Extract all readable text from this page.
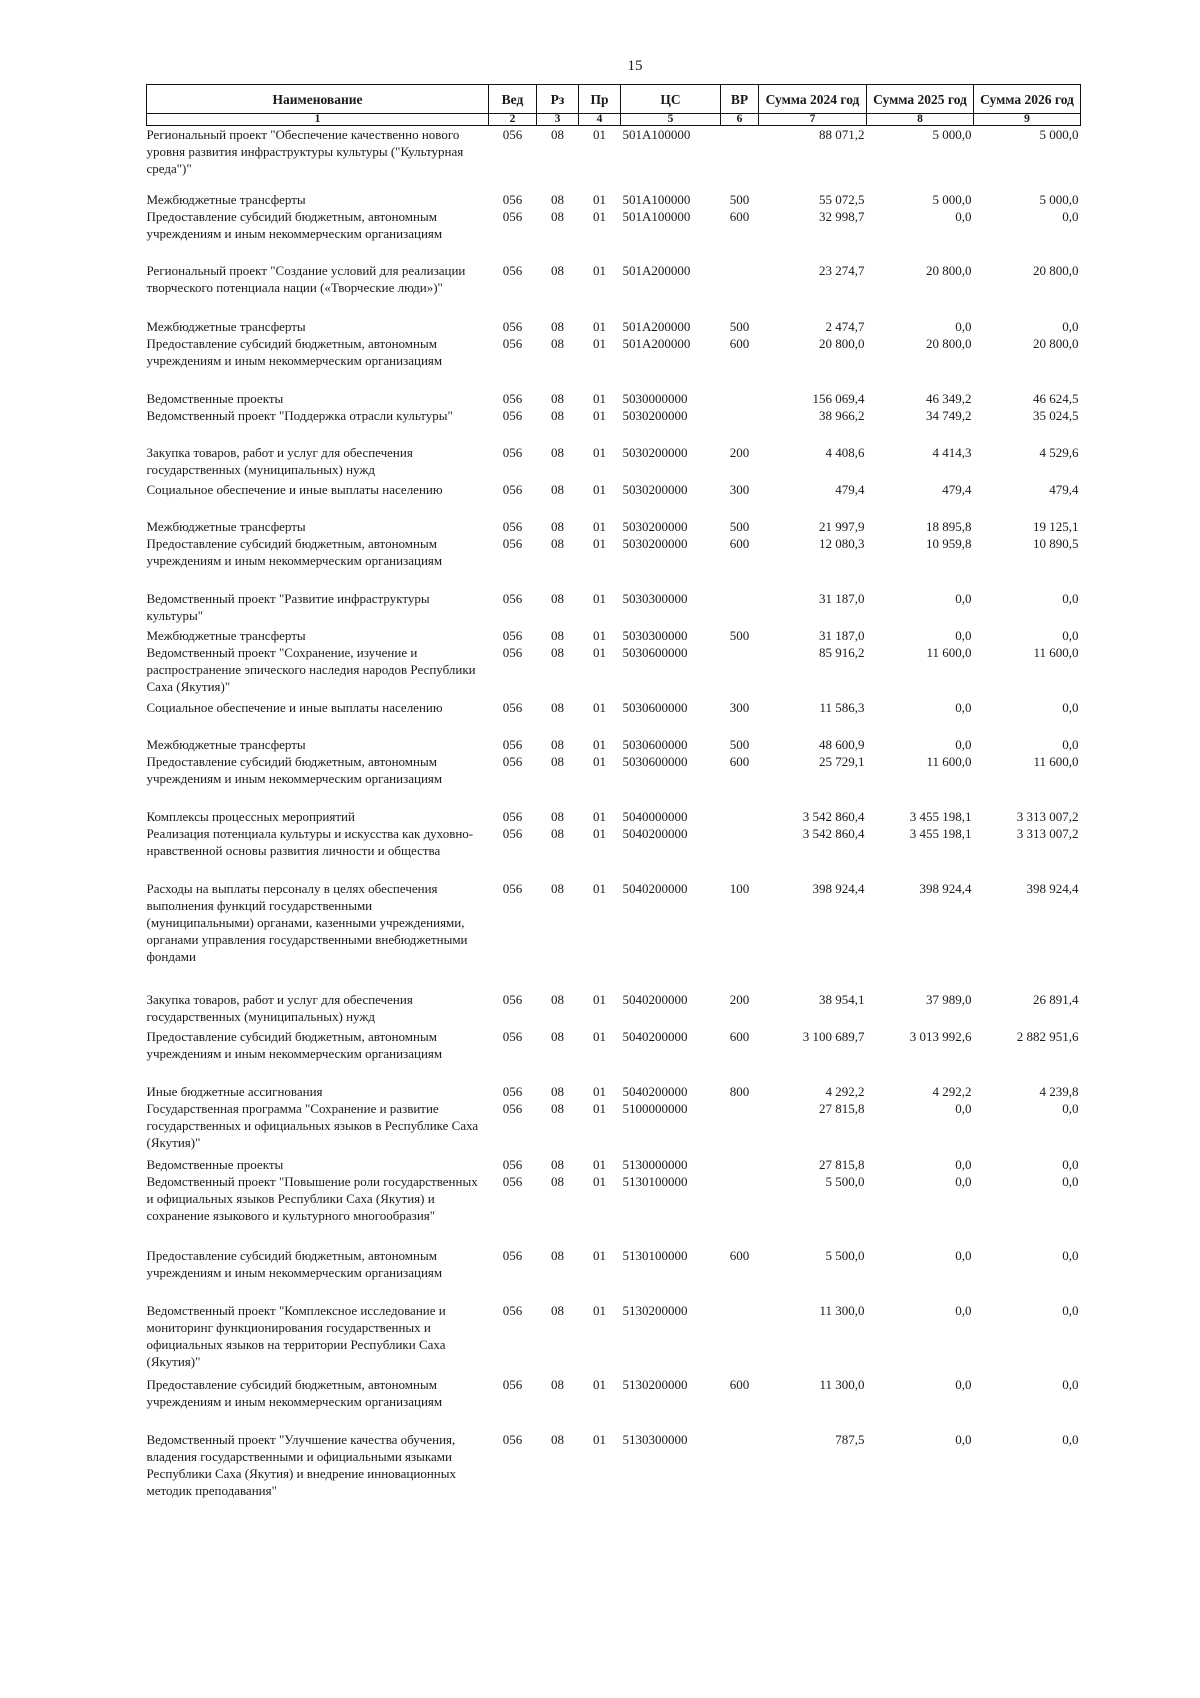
15
Наименование	Вед	Рз	Пр	ЦС	ВР	Сумма 2024 год	Сумма 2025 год	Сумма 2026 год
1	2	3	4	5	6	7	8	9
Региональный проект "Обеспечение качественно нового уровня развития инфраструктуры культуры ("Культурная среда")"	056	08	01	501А100000		88 071,2	5 000,0	5 000,0
Межбюджетные трансферты	056	08	01	501А100000	500	55 072,5	5 000,0	5 000,0
Предоставление субсидий бюджетным, автономным учреждениям и иным некоммерческим организациям	056	08	01	501А100000	600	32 998,7	0,0	0,0
Региональный проект "Создание условий для реализации творческого потенциала нации («Творческие люди»)"	056	08	01	501А200000		23 274,7	20 800,0	20 800,0
Межбюджетные трансферты	056	08	01	501А200000	500	2 474,7	0,0	0,0
Предоставление субсидий бюджетным, автономным учреждениям и иным некоммерческим организациям	056	08	01	501А200000	600	20 800,0	20 800,0	20 800,0
Ведомственные проекты	056	08	01	5030000000		156 069,4	46 349,2	46 624,5
Ведомственный проект "Поддержка отрасли культуры"	056	08	01	5030200000		38 966,2	34 749,2	35 024,5
Закупка товаров, работ и услуг для обеспечения государственных (муниципальных) нужд	056	08	01	5030200000	200	4 408,6	4 414,3	4 529,6
Социальное обеспечение и иные выплаты населению	056	08	01	5030200000	300	479,4	479,4	479,4
Межбюджетные трансферты	056	08	01	5030200000	500	21 997,9	18 895,8	19 125,1
Предоставление субсидий бюджетным, автономным учреждениям и иным некоммерческим организациям	056	08	01	5030200000	600	12 080,3	10 959,8	10 890,5
Ведомственный проект "Развитие инфраструктуры культуры"	056	08	01	5030300000		31 187,0	0,0	0,0
Межбюджетные трансферты	056	08	01	5030300000	500	31 187,0	0,0	0,0
Ведомственный проект "Сохранение, изучение и распространение эпического наследия народов Республики Саха (Якутия)"	056	08	01	5030600000		85 916,2	11 600,0	11 600,0
Социальное обеспечение и иные выплаты населению	056	08	01	5030600000	300	11 586,3	0,0	0,0
Межбюджетные трансферты	056	08	01	5030600000	500	48 600,9	0,0	0,0
Предоставление субсидий бюджетным, автономным учреждениям и иным некоммерческим организациям	056	08	01	5030600000	600	25 729,1	11 600,0	11 600,0
Комплексы процессных мероприятий	056	08	01	5040000000		3 542 860,4	3 455 198,1	3 313 007,2
Реализация потенциала культуры и искусства как духовно-нравственной основы развития личности и общества	056	08	01	5040200000		3 542 860,4	3 455 198,1	3 313 007,2
Расходы на выплаты персоналу в целях обеспечения выполнения функций государственными (муниципальными) органами, казенными учреждениями, органами управления государственными внебюджетными фондами	056	08	01	5040200000	100	398 924,4	398 924,4	398 924,4
Закупка товаров, работ и услуг для обеспечения государственных (муниципальных) нужд	056	08	01	5040200000	200	38 954,1	37 989,0	26 891,4
Предоставление субсидий бюджетным, автономным учреждениям и иным некоммерческим организациям	056	08	01	5040200000	600	3 100 689,7	3 013 992,6	2 882 951,6
Иные бюджетные ассигнования	056	08	01	5040200000	800	4 292,2	4 292,2	4 239,8
Государственная программа "Сохранение и развитие государственных и официальных языков в Республике Саха (Якутия)"	056	08	01	5100000000		27 815,8	0,0	0,0
Ведомственные проекты	056	08	01	5130000000		27 815,8	0,0	0,0
Ведомственный проект "Повышение роли государственных и официальных языков Республики Саха (Якутия) и сохранение языкового и культурного многообразия"	056	08	01	5130100000		5 500,0	0,0	0,0
Предоставление субсидий бюджетным, автономным учреждениям и иным некоммерческим организациям	056	08	01	5130100000	600	5 500,0	0,0	0,0
Ведомственный проект "Комплексное исследование и мониторинг функционирования государственных и официальных языков на территории Республики Саха (Якутия)"	056	08	01	5130200000		11 300,0	0,0	0,0
Предоставление субсидий бюджетным, автономным учреждениям и иным некоммерческим организациям	056	08	01	5130200000	600	11 300,0	0,0	0,0
Ведомственный проект "Улучшение качества обучения, владения государственными и официальными языками Республики Саха (Якутия) и внедрение инновационных методик преподавания"	056	08	01	5130300000		787,5	0,0	0,0
